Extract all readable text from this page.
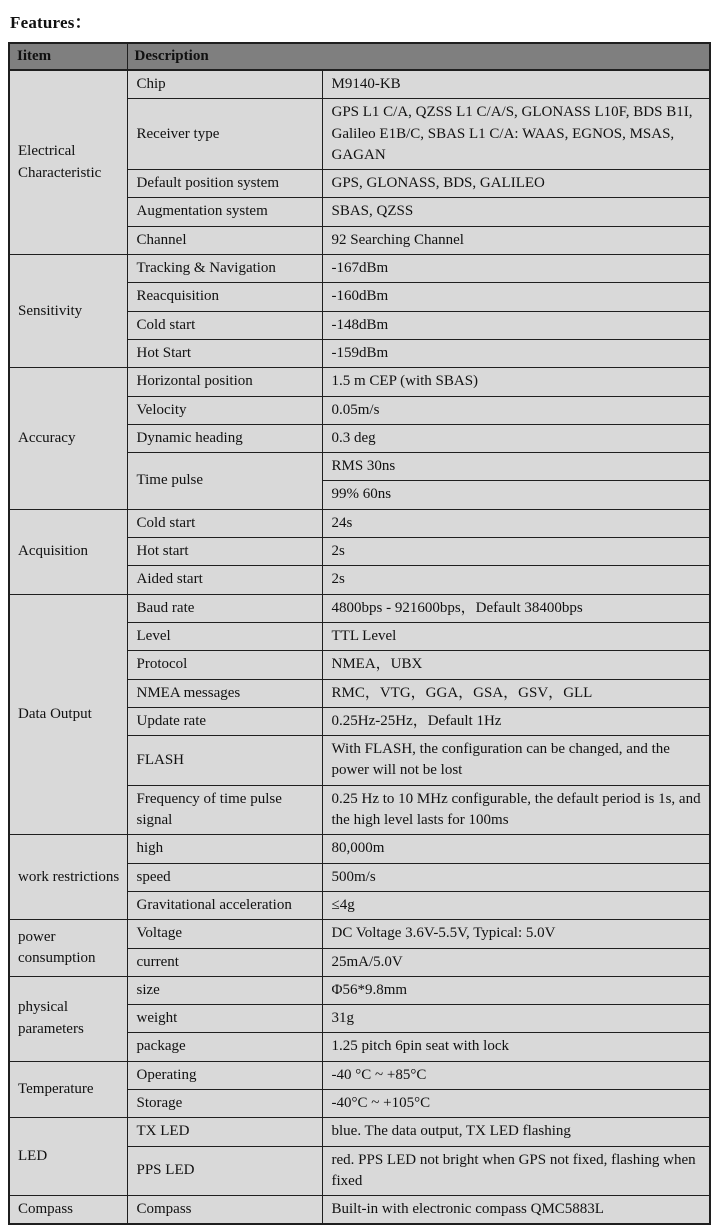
Features：
Iitem	Description	
Electrical Characteristic	Chip	M9140-KB
	Receiver type	GPS L1 C/A, QZSS L1 C/A/S, GLONASS L10F, BDS B1I, Galileo E1B/C, SBAS L1 C/A: WAAS, EGNOS, MSAS, GAGAN
	Default position system	GPS, GLONASS, BDS, GALILEO
	Augmentation system	SBAS, QZSS
	Channel	92 Searching Channel
Sensitivity	Tracking & Navigation	-167dBm
	Reacquisition	-160dBm
	Cold start	-148dBm
	Hot Start	-159dBm
Accuracy	Horizontal position	1.5 m CEP (with SBAS)
	Velocity	0.05m/s
	Dynamic heading	0.3 deg
	Time pulse	RMS 30ns
		99% 60ns
Acquisition	Cold start	24s
	Hot start	2s
	Aided start	2s
Data Output	Baud rate	4800bps - 921600bps，Default 38400bps
	Level	TTL Level
	Protocol	NMEA，UBX
	NMEA messages	RMC，VTG，GGA，GSA，GSV，GLL
	Update rate	0.25Hz-25Hz，Default 1Hz
	FLASH	With FLASH, the configuration can be changed, and the power will not be lost
	Frequency of time pulse signal	0.25 Hz to 10 MHz configurable, the default period is 1s, and the high level lasts for 100ms
work restrictions	high	80,000m
	speed	500m/s
	Gravitational acceleration	≤4g
power consumption	Voltage	DC Voltage 3.6V-5.5V, Typical: 5.0V
	current	25mA/5.0V
physical parameters	size	Φ56*9.8mm
	weight	31g
	package	1.25 pitch 6pin seat with lock
Temperature	Operating	-40 °C ~ +85°C
	Storage	-40°C ~ +105°C
LED	TX LED	blue. The data output, TX LED flashing
	PPS LED	red. PPS LED not bright when GPS not fixed, flashing when fixed
Compass	Compass	Built-in with electronic compass QMC5883L
